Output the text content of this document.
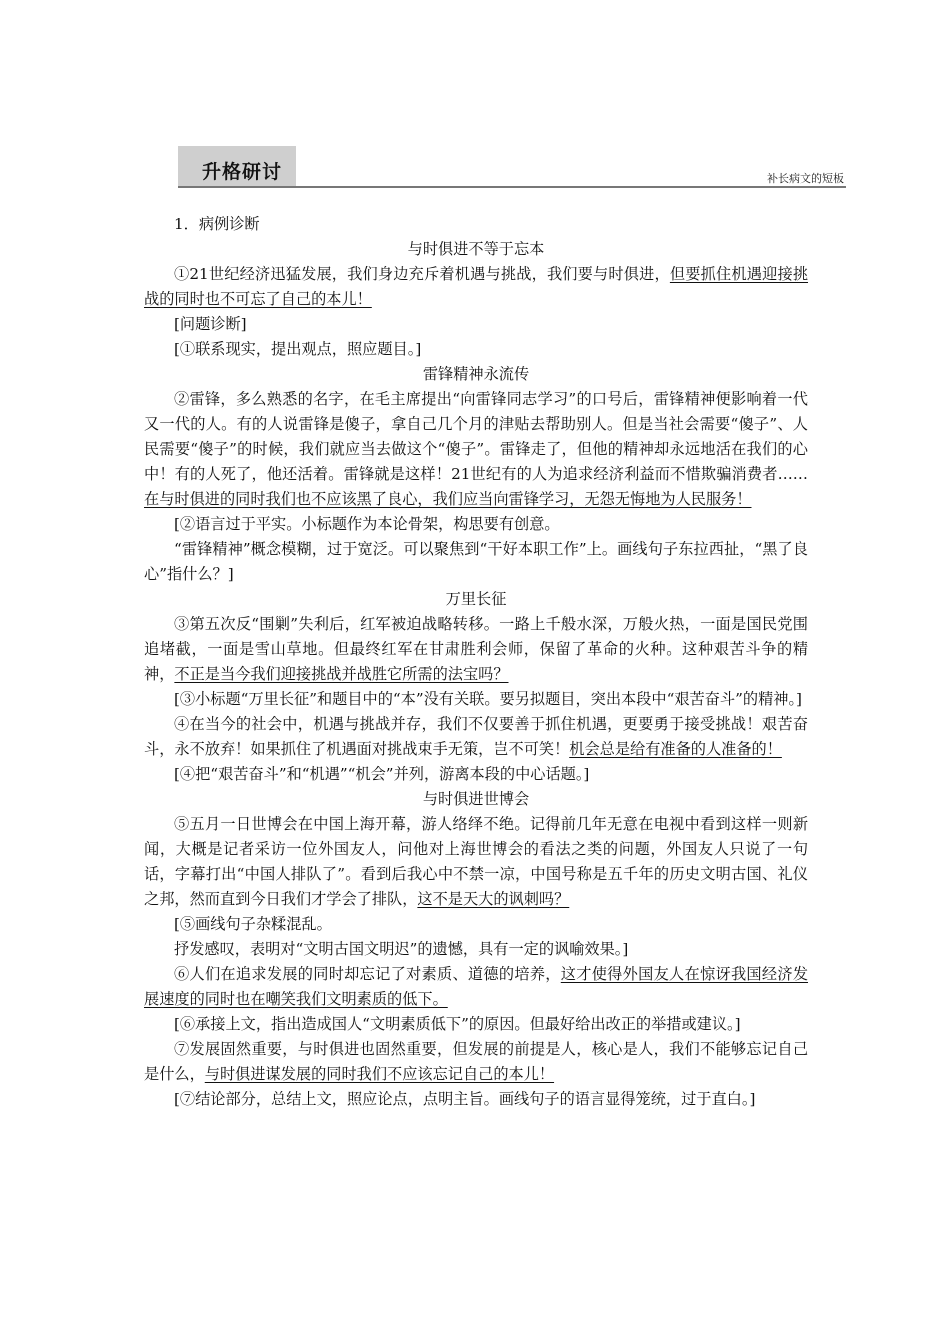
升格研讨	补长病文的短板

1．病例诊断

与时俱进不等于忘本

①21世纪经济迅猛发展，我们身边充斥着机遇与挑战，我们要与时俱进，但要抓住机遇迎接挑战的同时也不可忘了自己的本儿！

[问题诊断]

[①联系现实，提出观点，照应题目。]

雷锋精神永流传

②雷锋，多么熟悉的名字，在毛主席提出“向雷锋同志学习”的口号后，雷锋精神便影响着一代又一代的人。有的人说雷锋是傻子，拿自己几个月的津贴去帮助别人。但是当社会需要“傻子”、人民需要“傻子”的时候，我们就应当去做这个“傻子”。雷锋走了，但他的精神却永远地活在我们的心中！有的人死了，他还活着。雷锋就是这样！21世纪有的人为追求经济利益而不惜欺骗消费者……在与时俱进的同时我们也不应该黑了良心，我们应当向雷锋学习，无怨无悔地为人民服务！

[②语言过于平实。小标题作为本论骨架，构思要有创意。

“雷锋精神”概念模糊，过于宽泛。可以聚焦到“干好本职工作”上。画线句子东拉西扯，“黑了良心”指什么？]

万里长征

③第五次反“围剿”失利后，红军被迫战略转移。一路上千般水深，万般火热，一面是国民党围追堵截，一面是雪山草地。但最终红军在甘肃胜利会师，保留了革命的火种。这种艰苦斗争的精神，不正是当今我们迎接挑战并战胜它所需的法宝吗？

[③小标题“万里长征”和题目中的“本”没有关联。要另拟题目，突出本段中“艰苦奋斗”的精神。]

④在当今的社会中，机遇与挑战并存，我们不仅要善于抓住机遇，更要勇于接受挑战！艰苦奋斗，永不放弃！如果抓住了机遇面对挑战束手无策，岂不可笑！机会总是给有准备的人准备的！

[④把“艰苦奋斗”和“机遇”“机会”并列，游离本段的中心话题。]

与时俱进世博会

⑤五月一日世博会在中国上海开幕，游人络绎不绝。记得前几年无意在电视中看到这样一则新闻，大概是记者采访一位外国友人，问他对上海世博会的看法之类的问题，外国友人只说了一句话，字幕打出“中国人排队了”。看到后我心中不禁一凉，中国号称是五千年的历史文明古国、礼仪之邦，然而直到今日我们才学会了排队，这不是天大的讽刺吗？

[⑤画线句子杂糅混乱。

抒发感叹，表明对“文明古国文明迟”的遗憾，具有一定的讽喻效果。]

⑥人们在追求发展的同时却忘记了对素质、道德的培养，这才使得外国友人在惊讶我国经济发展速度的同时也在嘲笑我们文明素质的低下。

[⑥承接上文，指出造成国人“文明素质低下”的原因。但最好给出改正的举措或建议。]

⑦发展固然重要，与时俱进也固然重要，但发展的前提是人，核心是人，我们不能够忘记自己是什么，与时俱进谋发展的同时我们不应该忘记自己的本儿！

[⑦结论部分，总结上文，照应论点，点明主旨。画线句子的语言显得笼统，过于直白。]
